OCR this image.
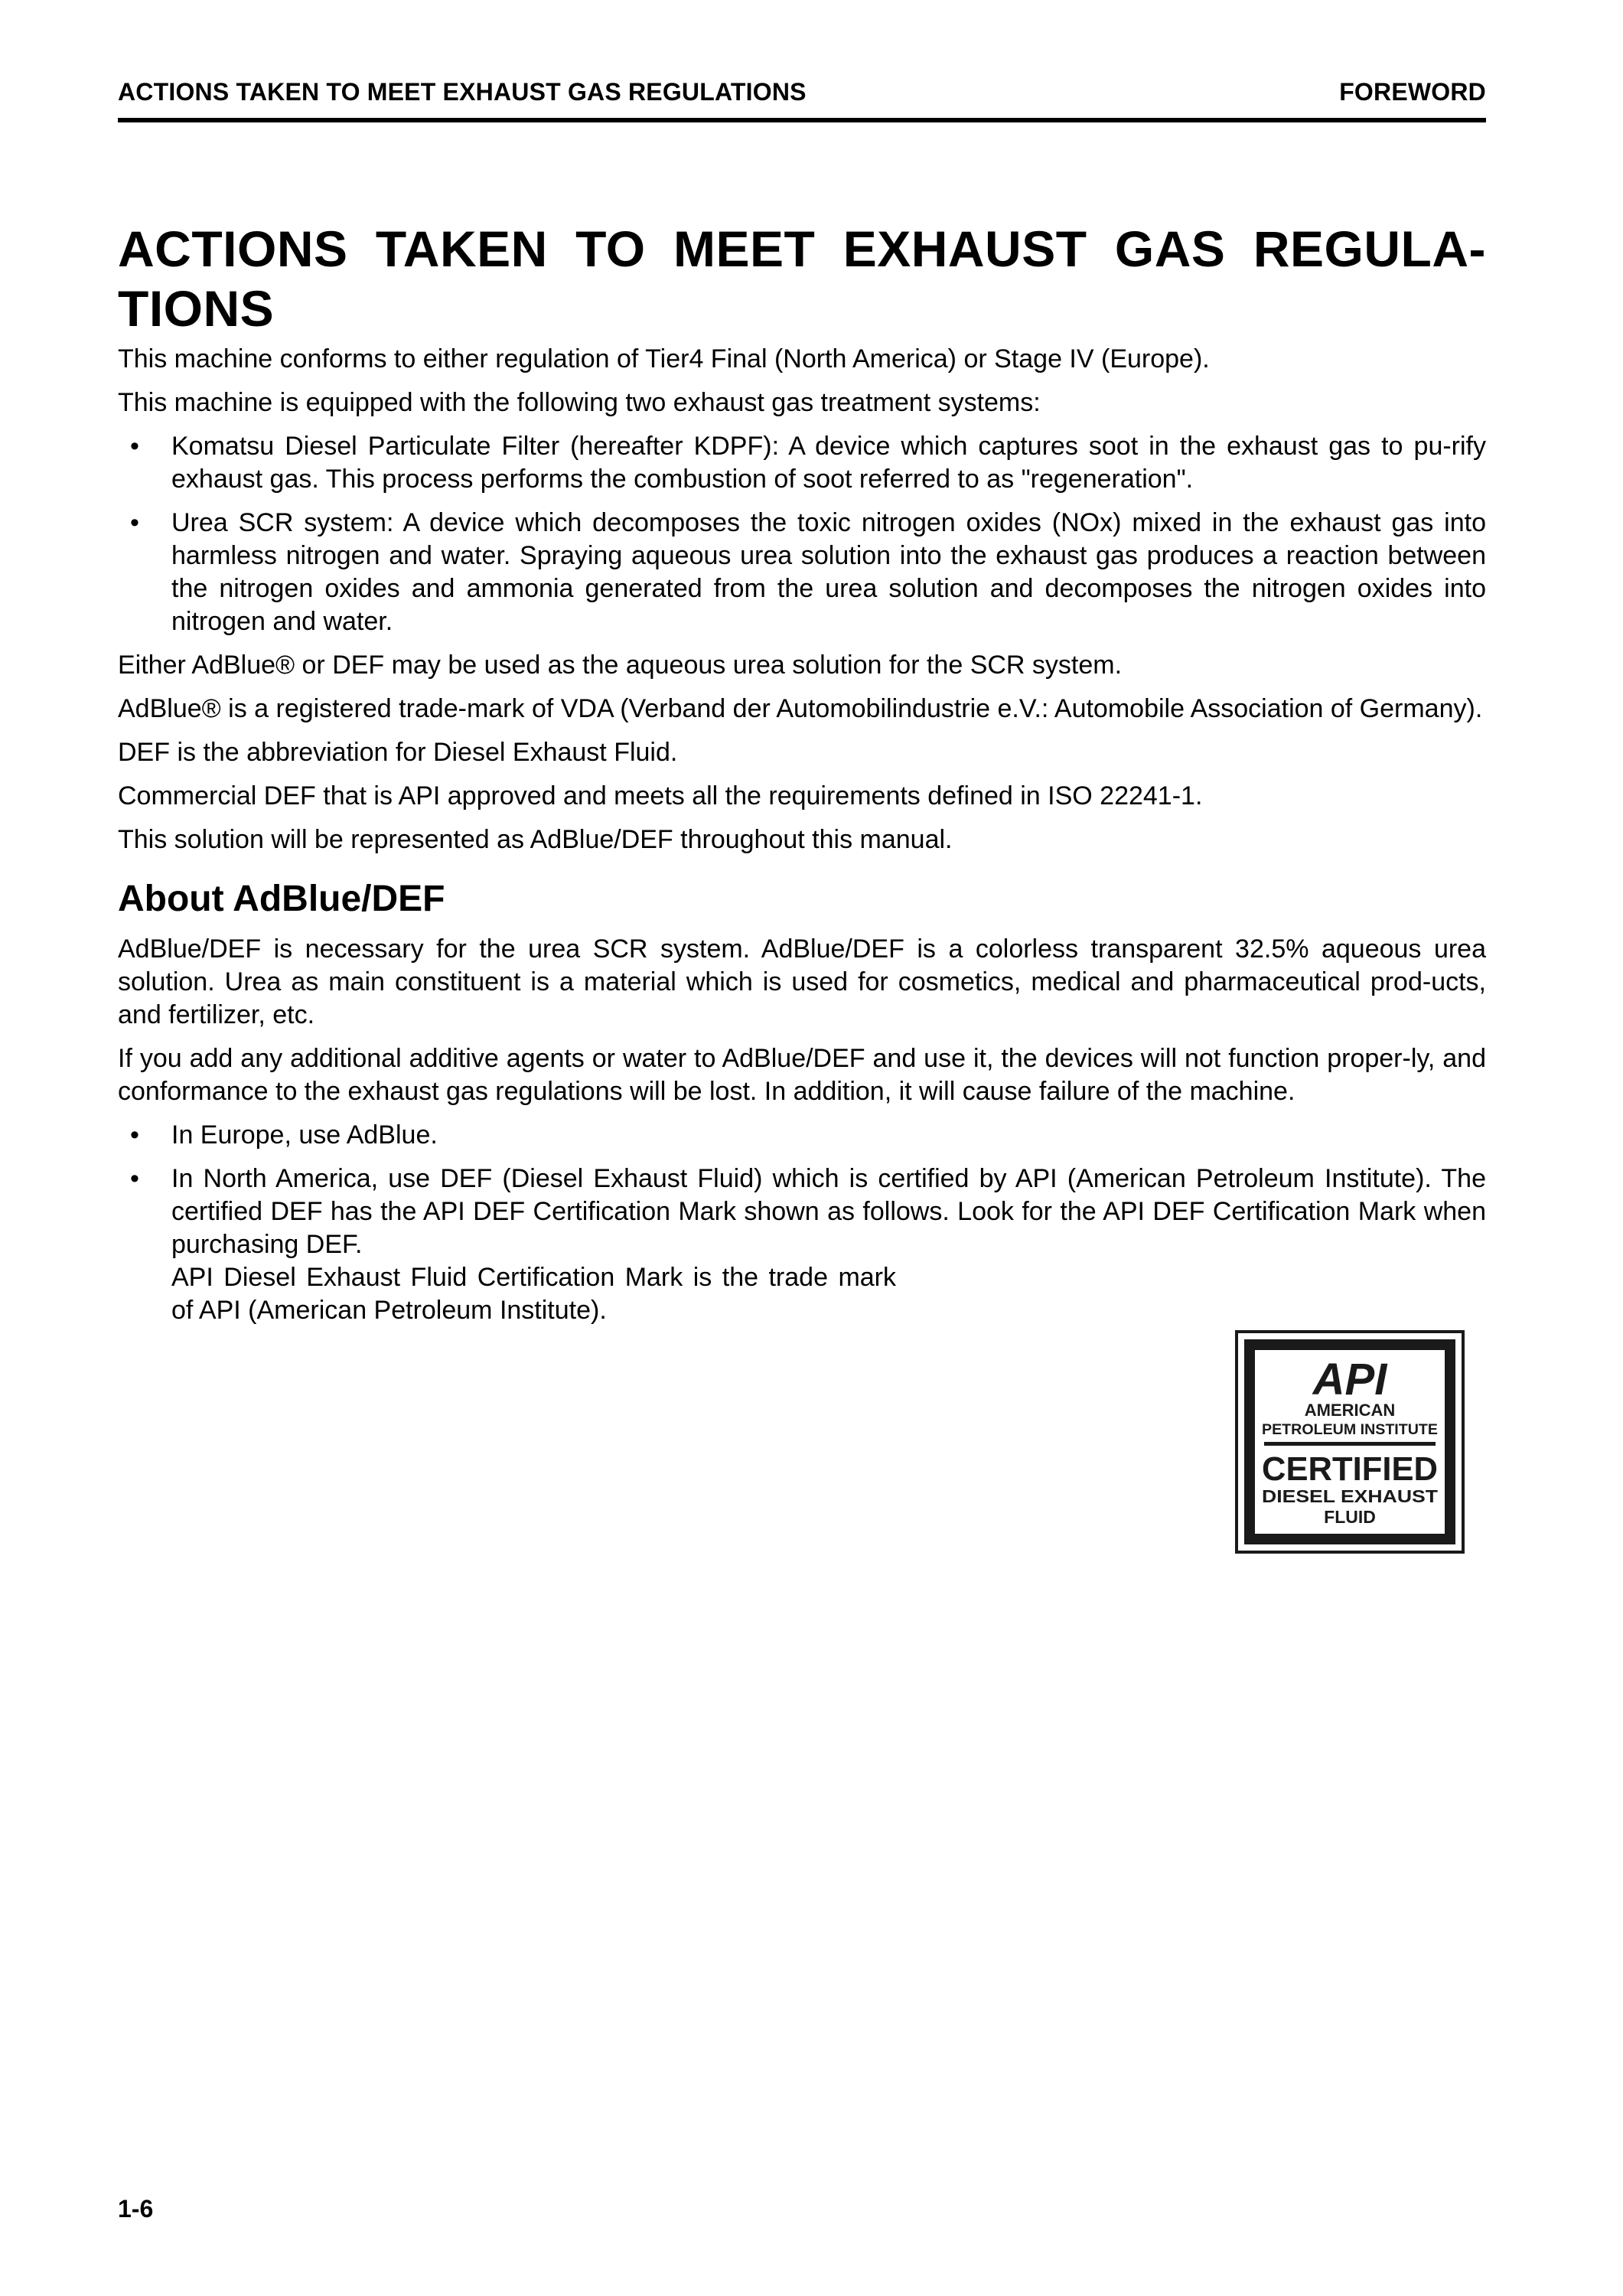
ACTIONS TAKEN TO MEET EXHAUST GAS REGULATIONS	FOREWORD
ACTIONS TAKEN TO MEET EXHAUST GAS REGULA-
TIONS

This machine conforms to either regulation of Tier4 Final (North America) or Stage IV (Europe).

This machine is equipped with the following two exhaust gas treatment systems:

• Komatsu Diesel Particulate Filter (hereafter KDPF): A device which captures soot in the exhaust gas to pu-rify exhaust gas. This process performs the combustion of soot referred to as "regeneration".
• Urea SCR system: A device which decomposes the toxic nitrogen oxides (NOx) mixed in the exhaust gas into harmless nitrogen and water. Spraying aqueous urea solution into the exhaust gas produces a reaction between the nitrogen oxides and ammonia generated from the urea solution and decomposes the nitrogen oxides into nitrogen and water.

Either AdBlue® or DEF may be used as the aqueous urea solution for the SCR system.

AdBlue® is a registered trade-mark of VDA (Verband der Automobilindustrie e.V.: Automobile Association of Germany).

DEF is the abbreviation for Diesel Exhaust Fluid.

Commercial DEF that is API approved and meets all the requirements defined in ISO 22241-1.

This solution will be represented as AdBlue/DEF throughout this manual.

About AdBlue/DEF

AdBlue/DEF is necessary for the urea SCR system. AdBlue/DEF is a colorless transparent 32.5% aqueous urea solution. Urea as main constituent is a material which is used for cosmetics, medical and pharmaceutical prod-ucts, and fertilizer, etc.

If you add any additional additive agents or water to AdBlue/DEF and use it, the devices will not function proper-ly, and conformance to the exhaust gas regulations will be lost. In addition, it will cause failure of the machine.

• In Europe, use AdBlue.
• In North America, use DEF (Diesel Exhaust Fluid) which is certified by API (American Petroleum Institute). The certified DEF has the API DEF Certification Mark shown as follows. Look for the API DEF Certification Mark when purchasing DEF.
API Diesel Exhaust Fluid Certification Mark is the trade mark of API (American Petroleum Institute).
API
AMERICAN
PETROLEUM INSTITUTE
CERTIFIED
DIESEL EXHAUST
FLUID
1-6
